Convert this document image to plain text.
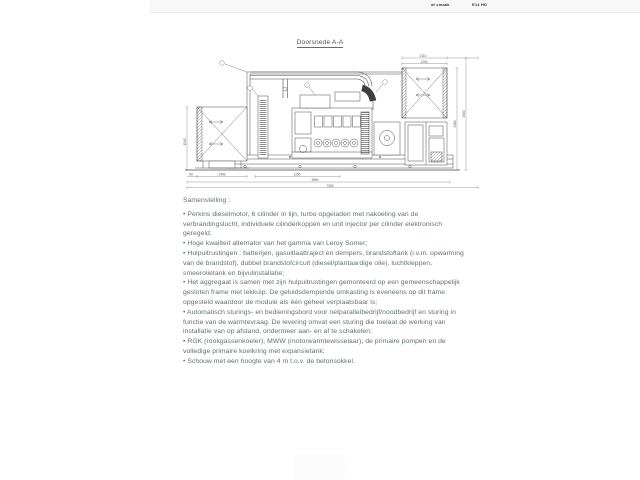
af smaak	E14 HD
Doorsnede A-A
2110
1200
2460
2900
1540
1150
3550
7260
60	1450
Samenstelling :
• Perkins dieselmotor, 6 cilinder in lijn, turbo opgeladen met nakoeling van de
verbrandingslucht, individuele cilinderkoppen en unit injector per cilinder elektronisch
geregeld;
• Hoge kwaliteit alternator van het gamma van Leroy Somer;
• Hulpuitrustingen : batterijen, gasuitlaattraject en dempers, brandstoftank (i.v.m. opwarming
van de brandstof), dubbel brandstofcircuit (diesel/plantaardige olie), luchtkleppen,
smeerolietank en bijvulinstallatie;
• Het aggregaat is samen met zijn hulpuitrustingen gemonteerd op een gemeenschappelijk
gesloten frame met lekkuip. De geluidsdempende omkasting is eveneens op dit frame
opgesteld waardoor de module als één geheel verplaatsbaar is;
• Automatisch sturings- en bedieningsbord voor netparallelbedrijf/noodbedrijf en sturing in
functie van de warmtevraag. De levering omvat een sturing die toelaat de werking van
installatie van op afstand, ondermeer aan- en af te schakelen;
• RGK (rookgassenkoeler), MWW (motorwarmtewisselaar), de primaire pompen en de
volledige primaire koelkring met expansietank;
• Schouw met een hoogte van 4 m t.o.v. de betonsokkel.
